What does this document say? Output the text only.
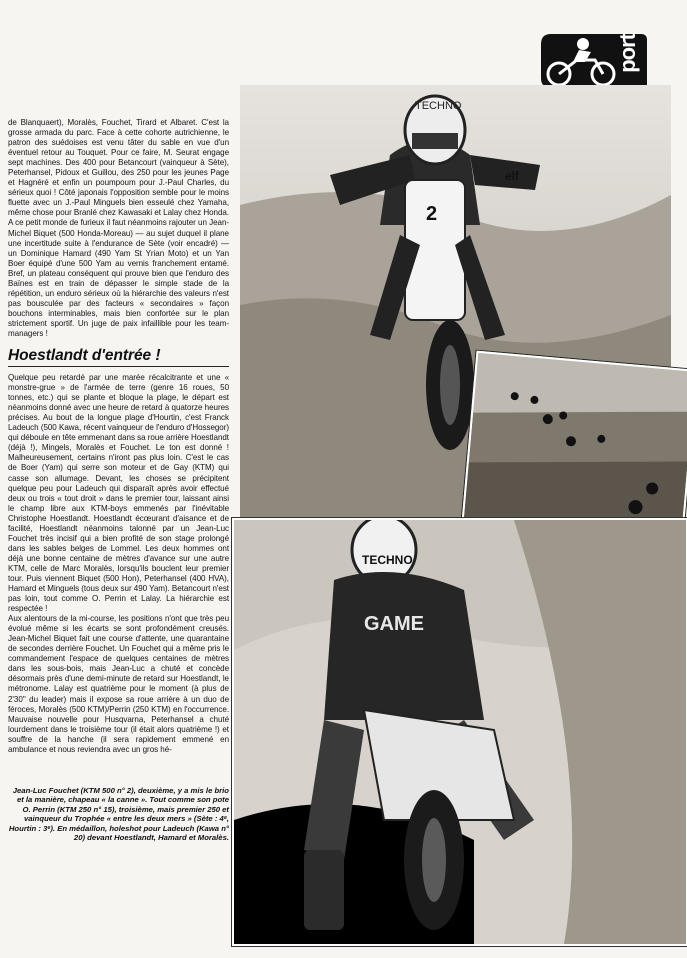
port

de Blanquaert), Moralès, Fouchet, Tirard et Albaret. C'est la grosse armada du parc. Face à cette cohorte autrichienne, le patron des suédoises est venu tâter du sable en vue d'un éventuel retour au Touquet. Pour ce faire, M. Seurat engage sept machines. Des 400 pour Betancourt (vainqueur à Sète), Peterhansel, Pidoux et Guillou, des 250 pour les jeunes Page et Hagnéré et enfin un poumpoum pour J.-Paul Charles, du sérieux quoi ! Côté japonais l'opposition semble pour le moins fluette avec un J.-Paul Minguels bien esseulé chez Yamaha, même chose pour Branlé chez Kawasaki et Lalay chez Honda. A ce petit monde de furieux il faut néanmoins rajouter un Jean-Michel Biquet (500 Honda-Moreau) — au sujet duquel il plane une incertitude suite à l'endurance de Sète (voir encadré) — un Dominique Hamard (490 Yam St Yrian Moto) et un Yan Boer équipé d'une 500 Yam au vernis franchement entamé. Bref, un plateau conséquent qui prouve bien que l'enduro des Baïnes est en train de dépasser le simple stade de la répétition, un enduro sérieux où la hiérarchie des valeurs n'est pas bousculée par des facteurs « secondaires » façon bouchons interminables, mais bien confortée sur le plan strictement sportif. Un juge de paix infaillible pour les team-managers !

Hoestlandt d'entrée !

Quelque peu retardé par une marée récalcitrante et une « monstre-grue » de l'armée de terre (genre 16 roues, 50 tonnes, etc.) qui se plante et bloque la plage, le départ est néanmoins donné avec une heure de retard à quatorze heures précises. Au bout de la longue plage d'Hourtin, c'est Franck Ladeuch (500 Kawa, récent vainqueur de l'enduro d'Hossegor) qui déboule en tête emmenant dans sa roue arrière Hoestlandt (déjà !), Mingels, Moralès et Fouchet. Le ton est donné ! Malheureusement, certains n'iront pas plus loin. C'est le cas de Boer (Yam) qui serre son moteur et de Gay (KTM) qui casse son allumage. Devant, les choses se précipitent quelque peu pour Ladeuch qui disparaît après avoir effectué deux ou trois « tout droit » dans le premier tour, laissant ainsi le champ libre aux KTM-boys emmenés par l'inévitable Christophe Hoestlandt. Hoestlandt écœurant d'aisance et de facilité, Hoestlandt néanmoins talonné par un Jean-Luc Fouchet très incisif qui a bien profité de son stage prolongé dans les sables belges de Lommel. Les deux hommes ont déjà une bonne centaine de mètres d'avance sur une autre KTM, celle de Marc Moralès, lorsqu'ils bouclent leur premier tour. Puis viennent Biquet (500 Hon), Peterhansel (400 HVA), Hamard et Minguels (tous deux sur 490 Yam). Betancourt n'est pas loin, tout comme O. Perrin et Lalay. La hiérarchie est respectée !

Aux alentours de la mi-course, les positions n'ont que très peu évolué même si les écarts se sont profondément creusés. Jean-Michel Biquet fait une course d'attente, une quarantaine de secondes derrière Fouchet. Un Fouchet qui a même pris le commandement l'espace de quelques centaines de mètres dans les sous-bois, mais Jean-Luc a chuté et concède désormais près d'une demi-minute de retard sur Hoestlandt, le métronome. Lalay est quatrième pour le moment (à plus de 2'30'' du leader) mais il expose sa roue arrière à un duo de féroces, Moralès (500 KTM)/Perrin (250 KTM) en l'occurrence. Mauvaise nouvelle pour Husqvarna, Peterhansel a chuté lourdement dans le troisième tour (il était alors quatrième !) et souffre de la hanche (il sera rapidement emmené en ambulance et nous reviendra avec un gros hé-

Jean-Luc Fouchet (KTM 500 n° 2), deuxième, y a mis le brio et la manière, chapeau « la canne ». Tout comme son pote O. Perrin (KTM 250 n° 15), troisième, mais premier 250 et vainqueur du Trophée « entre les deux mers » (Sète : 4ᵉ, Hourtin : 3ᵉ). En médaillon, holeshot pour Ladeuch (Kawa n° 20) devant Hoestlandt, Hamard et Moralès.
TECHNO
2
elf
TECHNO
GAME
